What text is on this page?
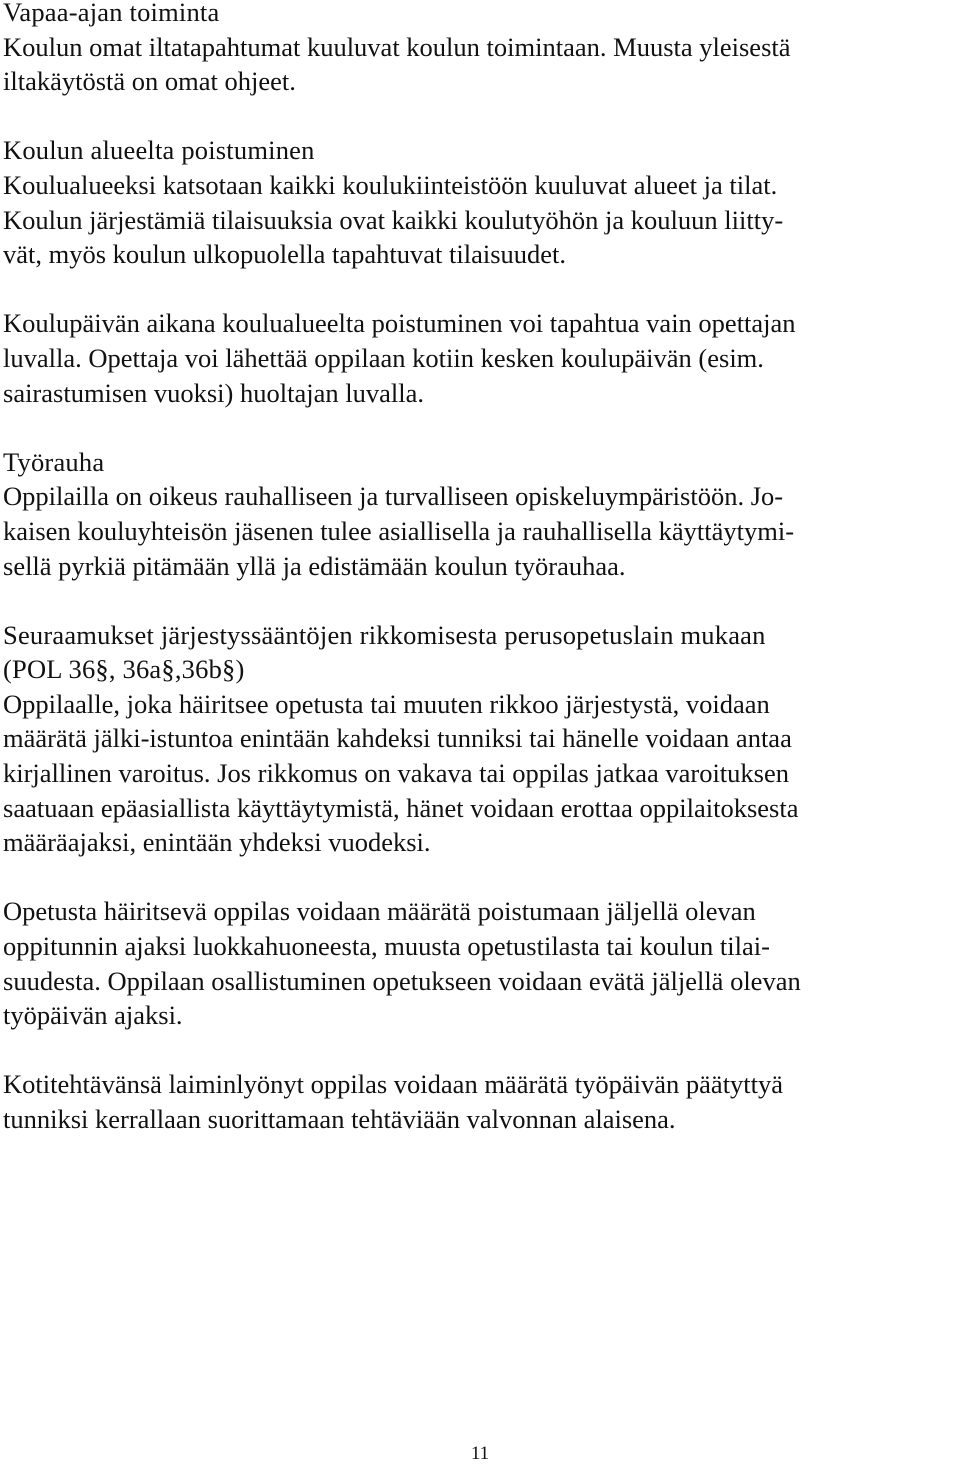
Vapaa-ajan toiminta
Koulun omat iltatapahtumat kuuluvat koulun toimintaan. Muusta yleisestä
iltakäytöstä on omat ohjeet.
Koulun alueelta poistuminen
Koulualueeksi katsotaan kaikki koulukiinteistöön kuuluvat alueet ja tilat.
Koulun järjestämiä tilaisuuksia ovat kaikki koulutyöhön ja kouluun liitty-
vät, myös koulun ulkopuolella tapahtuvat tilaisuudet.
Koulupäivän aikana koulualueelta poistuminen voi tapahtua vain opettajan
luvalla. Opettaja voi lähettää oppilaan kotiin kesken koulupäivän (esim.
sairastumisen vuoksi) huoltajan luvalla.
Työrauha
Oppilailla on oikeus rauhalliseen ja turvalliseen opiskeluympäristöön. Jo-
kaisen kouluyhteisön jäsenen tulee asiallisella ja rauhallisella käyttäytymi-
sellä pyrkiä pitämään yllä ja edistämään koulun työrauhaa.
Seuraamukset järjestyssääntöjen rikkomisesta perusopetuslain mukaan
(POL 36§, 36a§,36b§)
Oppilaalle, joka häiritsee opetusta tai muuten rikkoo järjestystä, voidaan
määrätä jälki-istuntoa enintään kahdeksi tunniksi tai hänelle voidaan antaa
kirjallinen varoitus. Jos rikkomus on vakava tai oppilas jatkaa varoituksen
saatuaan epäasiallista käyttäytymistä, hänet voidaan erottaa oppilaitoksesta
määräajaksi, enintään yhdeksi vuodeksi.
Opetusta häiritsevä oppilas voidaan määrätä poistumaan jäljellä olevan
oppitunnin ajaksi luokkahuoneesta, muusta opetustilasta tai koulun tilai-
suudesta. Oppilaan osallistuminen opetukseen voidaan evätä jäljellä olevan
työpäivän ajaksi.
Kotitehtävänsä laiminlyönyt oppilas voidaan määrätä työpäivän päätyttyä
tunniksi kerrallaan suorittamaan tehtäviään valvonnan alaisena.
11
